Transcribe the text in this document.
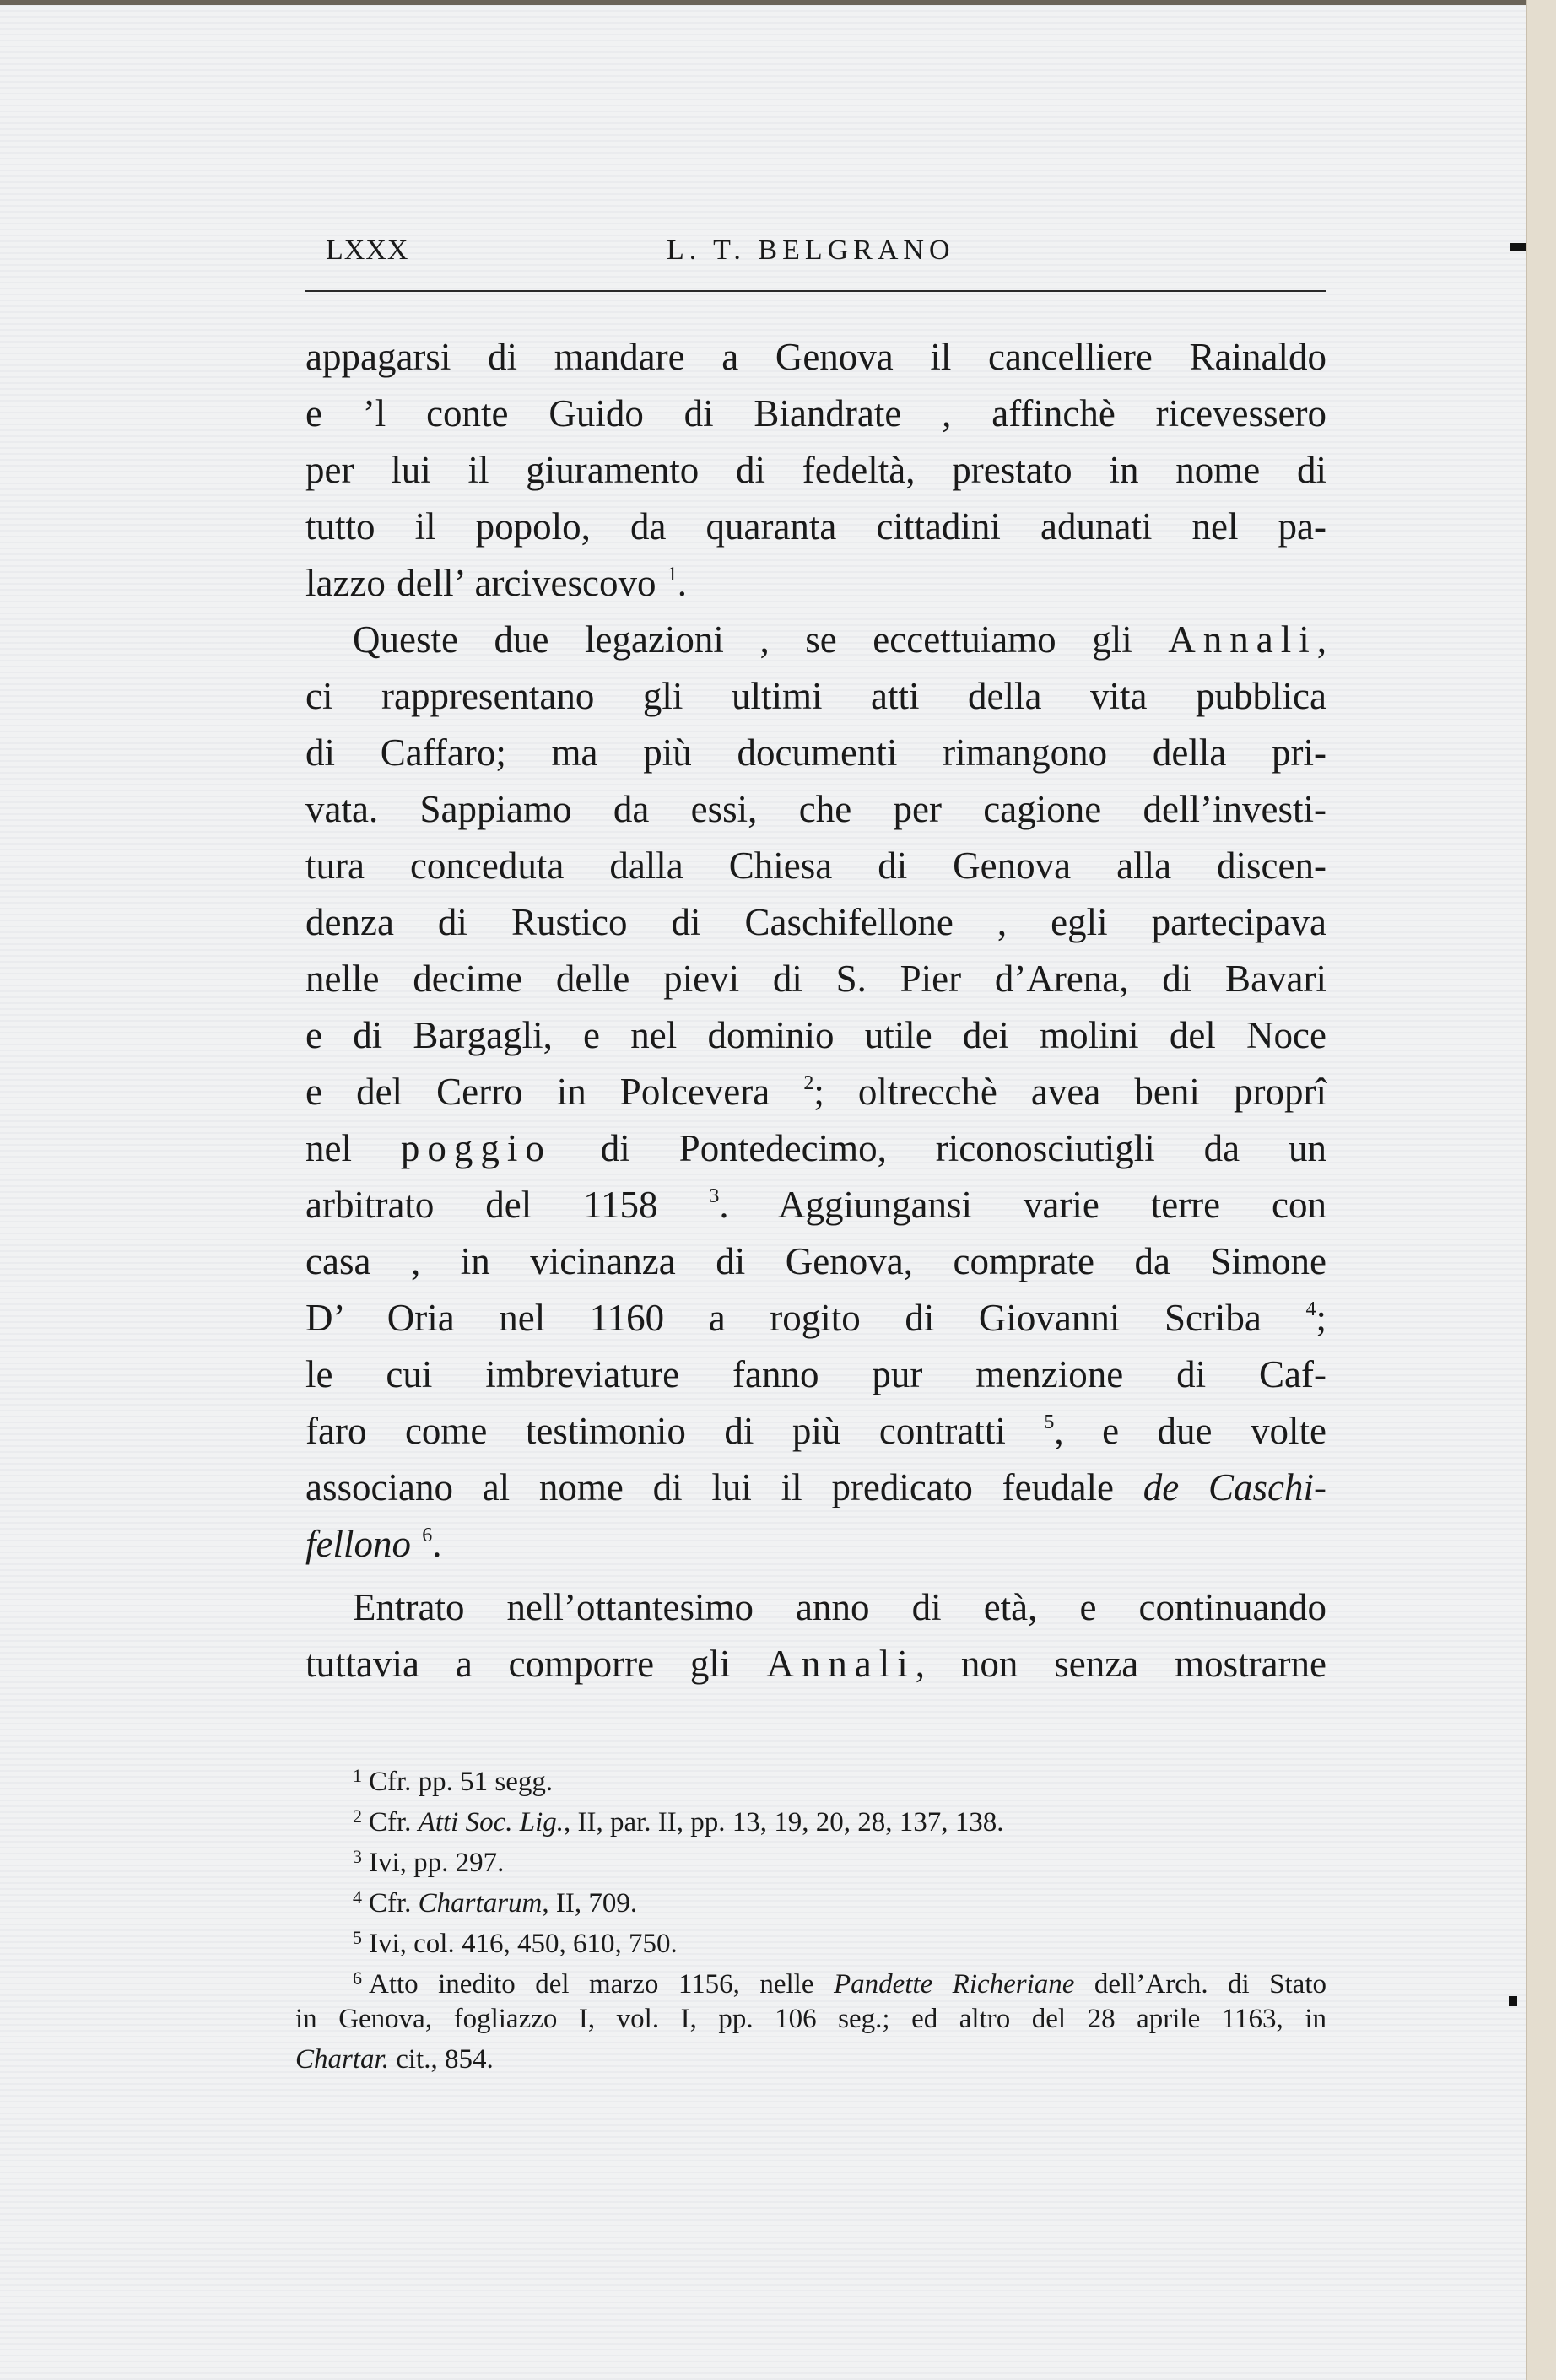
LXXX	L. T. BELGRANO
appagarsi di mandare a Genova il cancelliere Rainaldo
e ’l conte Guido di Biandrate , affinchè ricevessero
per lui il giuramento di fedeltà, prestato in nome di
tutto il popolo, da quaranta cittadini adunati nel pa-
lazzo dell’ arcivescovo $^1$.
Queste due legazioni , se eccettuiamo gli Annali,
ci rappresentano gli ultimi atti della vita pubblica
di Caffaro; ma più documenti rimangono della pri-
vata. Sappiamo da essi, che per cagione dell’investi-
tura conceduta dalla Chiesa di Genova alla discen-
denza di Rustico di Caschifellone , egli partecipava
nelle decime delle pievi di S. Pier d’Arena, di Bavari
e di Bargagli, e nel dominio utile dei molini del Noce
e del Cerro in Polcevera $^2$; oltrecchè avea beni proprî
nel poggio di Pontedecimo, riconosciutigli da un
arbitrato del 1158 $^3$. Aggiungansi varie terre con
casa , in vicinanza di Genova, comprate da Simone
D’ Oria nel 1160 a rogito di Giovanni Scriba $^4$;
le cui imbreviature fanno pur menzione di Caf-
faro come testimonio di più contratti $^5$, e due volte
associano al nome di lui il predicato feudale de Caschi-
fellono $^6$.
Entrato nell’ottantesimo anno di età, e continuando
tuttavia a comporre gli Annali, non senza mostrarne
$^1$ Cfr. pp. 51 segg.
$^2$ Cfr. Atti Soc. Lig., II, par. II, pp. 13, 19, 20, 28, 137, 138.
$^3$ Ivi, pp. 297.
$^4$ Cfr. Chartarum, II, 709.
$^5$ Ivi, col. 416, 450, 610, 750.
$^6$ Atto inedito del marzo 1156, nelle Pandette Richeriane dell’Arch. di Stato
in Genova, fogliazzo I, vol. I, pp. 106 seg.; ed altro del 28 aprile 1163, in
Chartar. cit., 854.
